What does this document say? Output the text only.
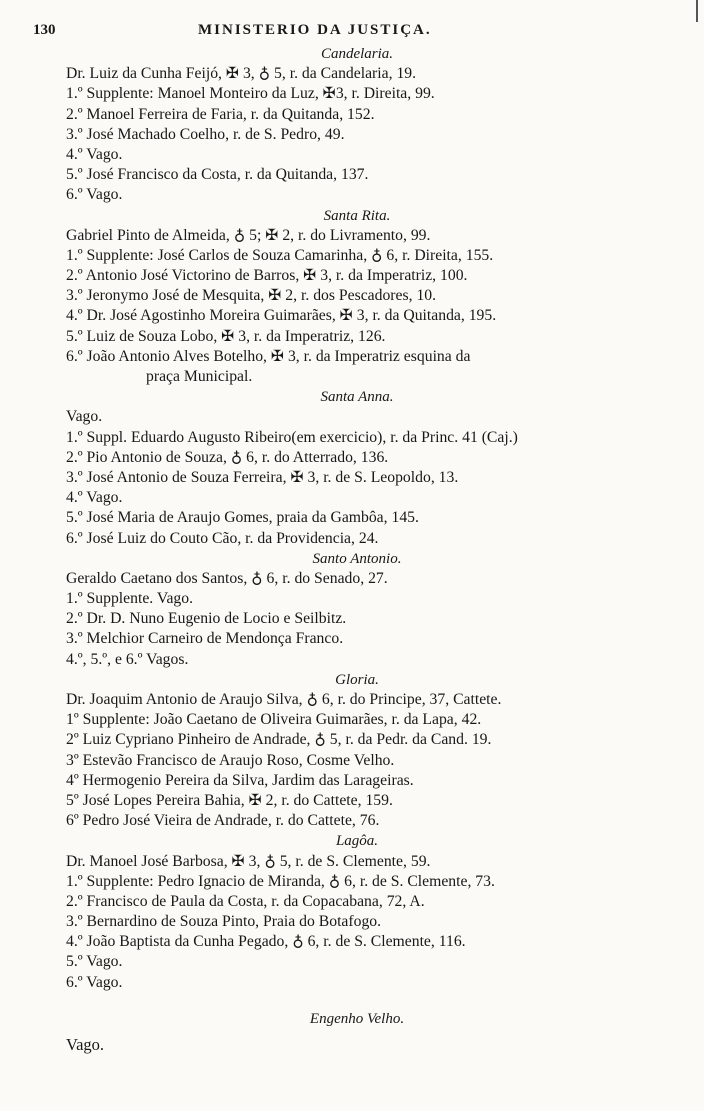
130	MINISTERIO DA JUSTIÇA.
Candelaria.
Dr. Luiz da Cunha Feijó, ✠ 3, ♁ 5, r. da Candelaria, 19.
1.º Supplente: Manoel Monteiro da Luz, ✠3, r. Direita, 99.
2.º Manoel Ferreira de Faria, r. da Quitanda, 152.
3.º José Machado Coelho, r. de S. Pedro, 49.
4.º Vago.
5.º José Francisco da Costa, r. da Quitanda, 137.
6.º Vago.
Santa Rita.
Gabriel Pinto de Almeida, ♁ 5; ✠ 2, r. do Livramento, 99.
1.º Supplente: José Carlos de Souza Camarinha, ♁ 6, r. Direita, 155.
2.º Antonio José Victorino de Barros, ✠ 3, r. da Imperatriz, 100.
3.º Jeronymo José de Mesquita, ✠ 2, r. dos Pescadores, 10.
4.º Dr. José Agostinho Moreira Guimarães, ✠ 3, r. da Quitanda, 195.
5.º Luiz de Souza Lobo, ✠ 3, r. da Imperatriz, 126.
6.º João Antonio Alves Botelho, ✠ 3, r. da Imperatriz esquina da
praça Municipal.
Santa Anna.
Vago.
1.º Suppl. Eduardo Augusto Ribeiro(em exercicio), r. da Princ. 41 (Caj.)
2.º Pio Antonio de Souza, ♁ 6, r. do Atterrado, 136.
3.º José Antonio de Souza Ferreira, ✠ 3, r. de S. Leopoldo, 13.
4.º Vago.
5.º José Maria de Araujo Gomes, praia da Gambôa, 145.
6.º José Luiz do Couto Cão, r. da Providencia, 24.
Santo Antonio.
Geraldo Caetano dos Santos, ♁ 6, r. do Senado, 27.
1.º Supplente. Vago.
2.º Dr. D. Nuno Eugenio de Locio e Seilbitz.
3.º Melchior Carneiro de Mendonça Franco.
4.º, 5.º, e 6.º Vagos.
Gloria.
Dr. Joaquim Antonio de Araujo Silva, ♁ 6, r. do Principe, 37, Cattete.
1º Supplente: João Caetano de Oliveira Guimarães, r. da Lapa, 42.
2º Luiz Cypriano Pinheiro de Andrade, ♁ 5, r. da Pedr. da Cand. 19.
3º Estevão Francisco de Araujo Roso, Cosme Velho.
4º Hermogenio Pereira da Silva, Jardim das Larageiras.
5º José Lopes Pereira Bahia, ✠ 2, r. do Cattete, 159.
6º Pedro José Vieira de Andrade, r. do Cattete, 76.
Lagôa.
Dr. Manoel José Barbosa, ✠ 3, ♁ 5, r. de S. Clemente, 59.
1.º Supplente: Pedro Ignacio de Miranda, ♁ 6, r. de S. Clemente, 73.
2.º Francisco de Paula da Costa, r. da Copacabana, 72, A.
3.º Bernardino de Souza Pinto, Praia do Botafogo.
4.º João Baptista da Cunha Pegado, ♁ 6, r. de S. Clemente, 116.
5.º Vago.
6.º Vago.
Engenho Velho.
Vago.
